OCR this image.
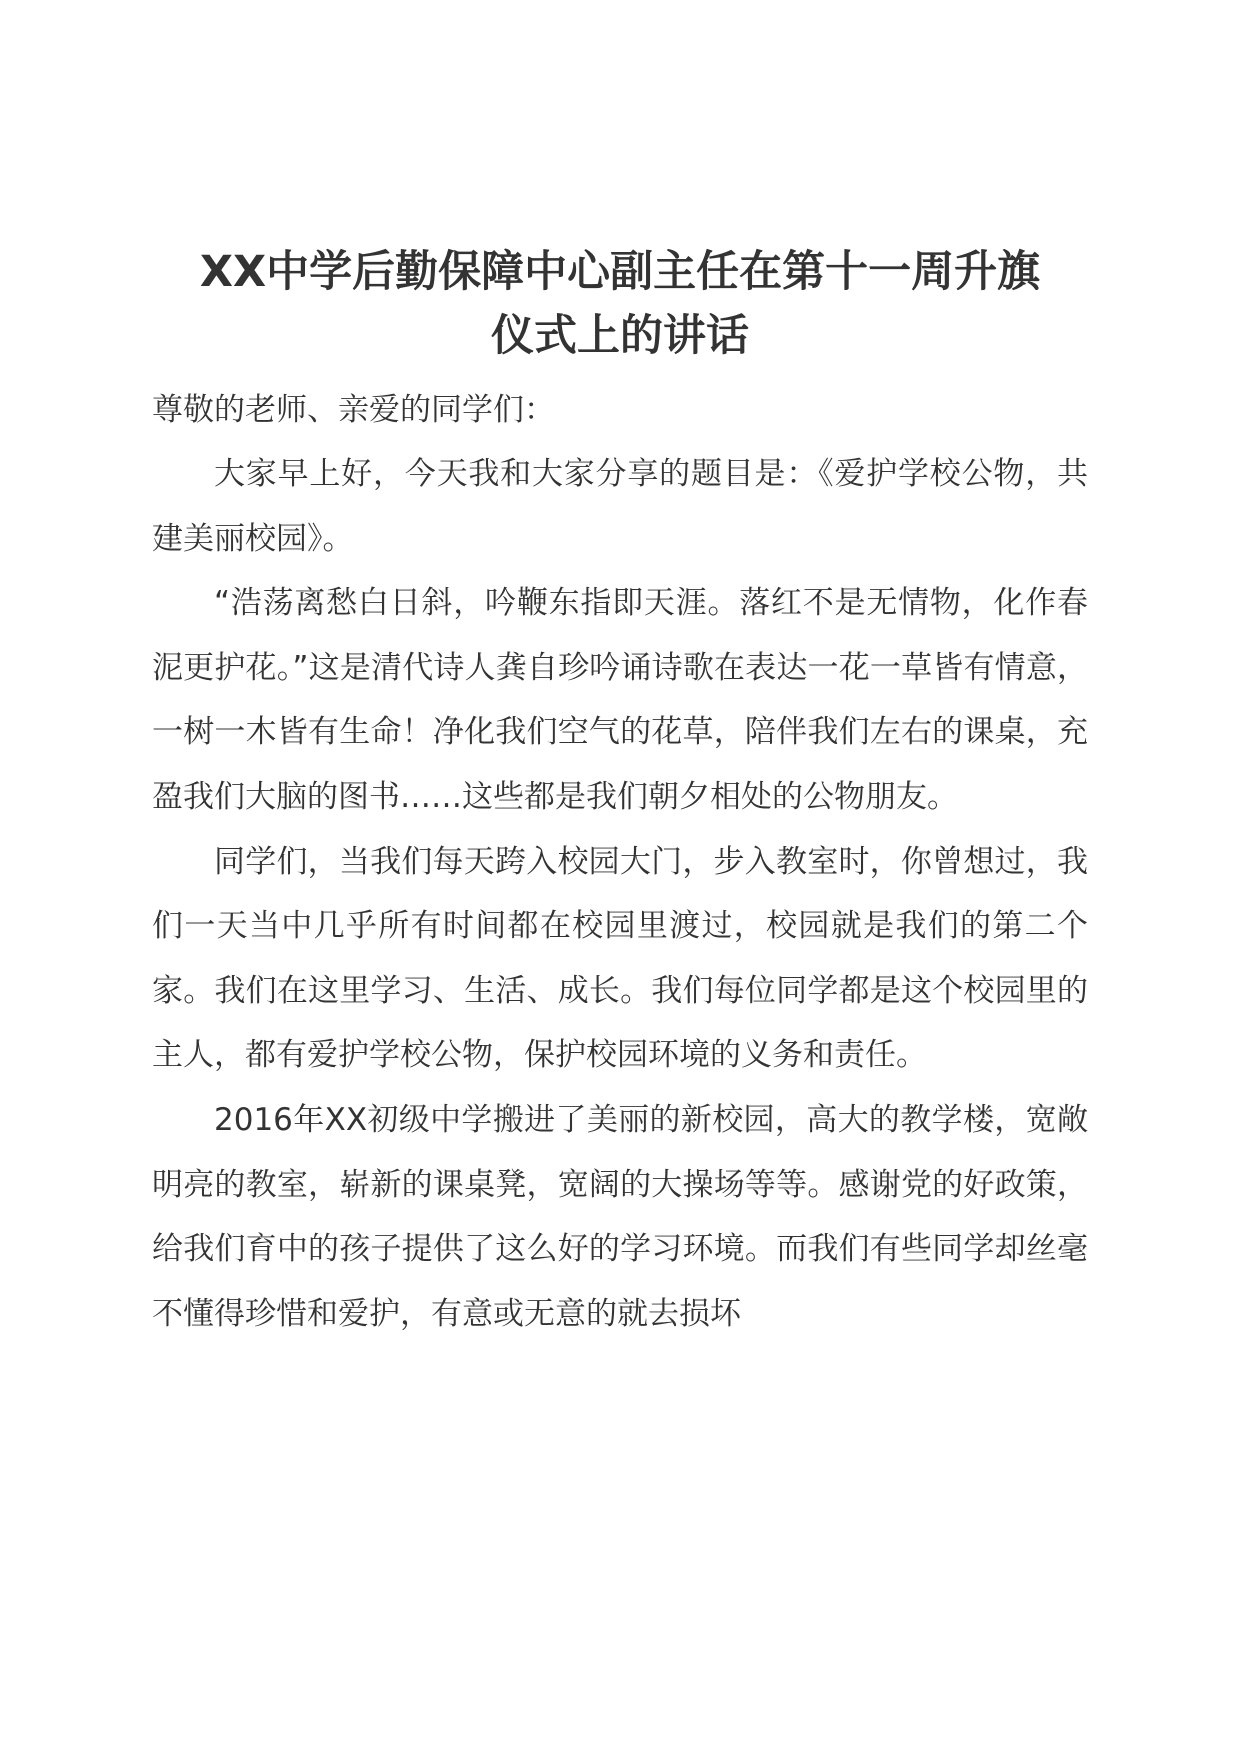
XX中学后勤保障中心副主任在第十一周升旗
仪式上的讲话

尊敬的老师、亲爱的同学们：

大家早上好，今天我和大家分享的题目是：《爱护学校公物，共建美丽校园》。

“浩荡离愁白日斜，吟鞭东指即天涯。落红不是无情物，化作春泥更护花。”这是清代诗人龚自珍吟诵诗歌在表达一花一草皆有情意，一树一木皆有生命！净化我们空气的花草，陪伴我们左右的课桌，充盈我们大脑的图书……这些都是我们朝夕相处的公物朋友。

同学们，当我们每天跨入校园大门，步入教室时，你曾想过，我们一天当中几乎所有时间都在校园里渡过，校园就是我们的第二个家。我们在这里学习、生活、成长。我们每位同学都是这个校园里的主人，都有爱护学校公物，保护校园环境的义务和责任。

2016年XX初级中学搬进了美丽的新校园，高大的教学楼，宽敞明亮的教室，崭新的课桌凳，宽阔的大操场等等。感谢党的好政策，给我们育中的孩子提供了这么好的学习环境。而我们有些同学却丝毫不懂得珍惜和爱护，有意或无意的就去损坏
